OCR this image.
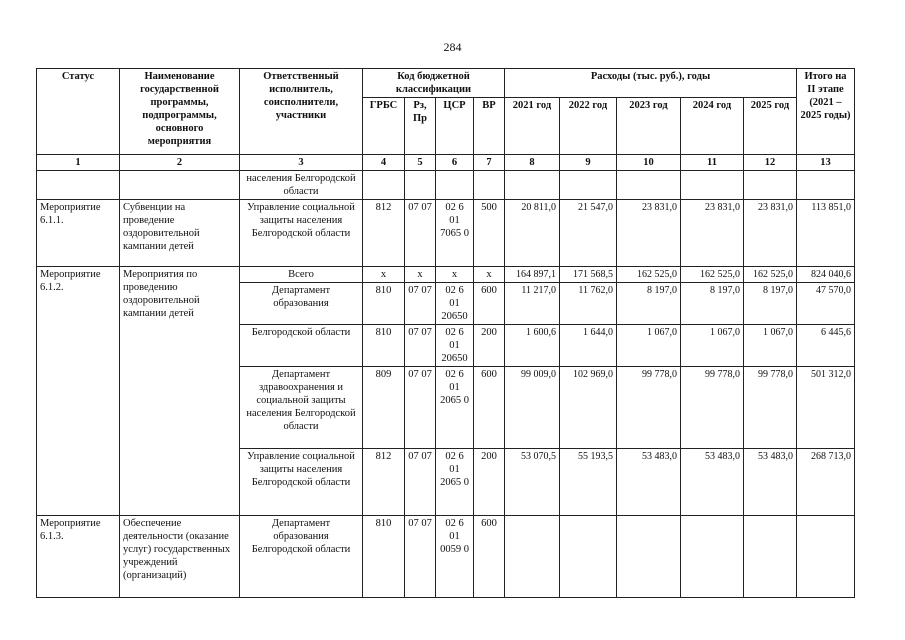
284
Статус	Наименование государственной программы, подпрограммы, основного мероприятия	Ответственный исполнитель, соисполнители, участники	Код бюджетной классификации				Расходы (тыс. руб.), годы					Итого на II этапе (2021 – 2025 годы)
			ГРБС	Рз, Пр	ЦСР	ВР	2021 год	2022 год	2023 год	2024 год	2025 год	
1	2	3	4	5	6	7	8	9	10	11	12	13
		населения Белгородской области										
Мероприятие 6.1.1.	Субвенции на проведение оздоровительной кампании детей	Управление социальной защиты населения Белгородской области	812	07 07	02 6 01 7065 0	500	20 811,0	21 547,0	23 831,0	23 831,0	23 831,0	113 851,0
Мероприятие 6.1.2.	Мероприятия по проведению оздоровительной кампании детей	Всего	х	х	х	х	164 897,1	171 568,5	162 525,0	162 525,0	162 525,0	824 040,6
		Департамент образования	810	07 07	02 6 01 20650	600	11 217,0	11 762,0	8 197,0	8 197,0	8 197,0	47 570,0
		Белгородской области	810	07 07	02 6 01 20650	200	1 600,6	1 644,0	1 067,0	1 067,0	1 067,0	6 445,6
		Департамент здравоохранения и социальной защиты населения Белгородской области	809	07 07	02 6 01 2065 0	600	99 009,0	102 969,0	99 778,0	99 778,0	99 778,0	501 312,0
		Управление социальной защиты населения Белгородской области	812	07 07	02 6 01 2065 0	200	53 070,5	55 193,5	53 483,0	53 483,0	53 483,0	268 713,0
Мероприятие 6.1.3.	Обеспечение деятельности (оказание услуг) государственных учреждений (организаций)	Департамент образования Белгородской области	810	07 07	02 6 01 0059 0	600						
